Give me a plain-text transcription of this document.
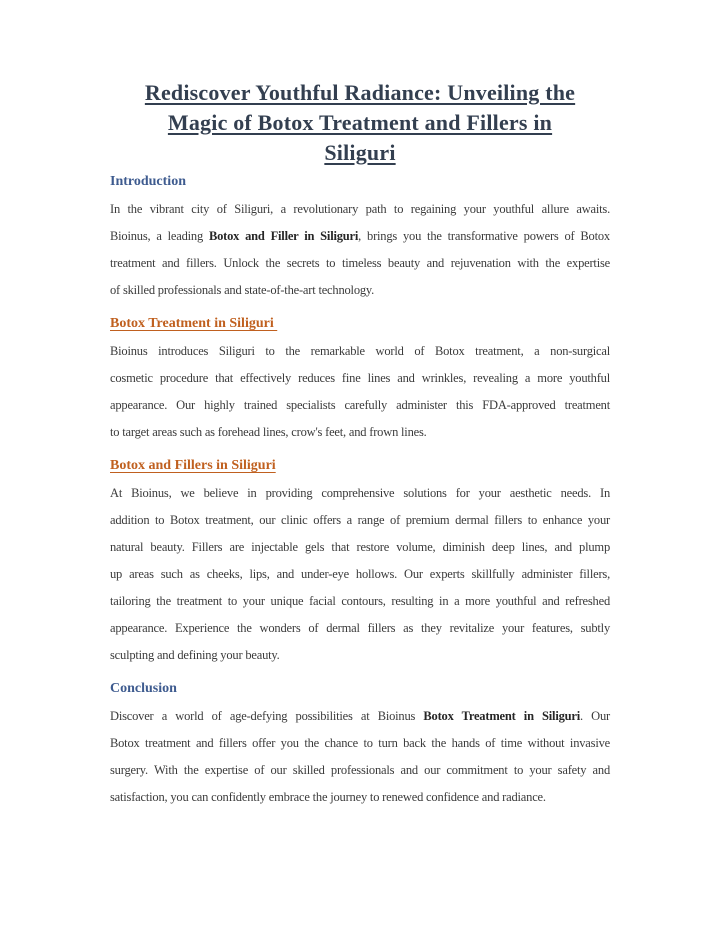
Rediscover Youthful Radiance: Unveiling the
Magic of Botox Treatment and Fillers in
Siliguri
Introduction
In the vibrant city of Siliguri, a revolutionary path to regaining your youthful allure awaits.
Bioinus, a leading Botox and Filler in Siliguri, brings you the transformative powers of Botox
treatment and fillers. Unlock the secrets to timeless beauty and rejuvenation with the expertise
of skilled professionals and state-of-the-art technology.
Botox Treatment in Siliguri
Bioinus introduces Siliguri to the remarkable world of Botox treatment, a non-surgical
cosmetic procedure that effectively reduces fine lines and wrinkles, revealing a more youthful
appearance. Our highly trained specialists carefully administer this FDA-approved treatment
to target areas such as forehead lines, crow's feet, and frown lines.
Botox and Fillers in Siliguri
At Bioinus, we believe in providing comprehensive solutions for your aesthetic needs. In
addition to Botox treatment, our clinic offers a range of premium dermal fillers to enhance your
natural beauty. Fillers are injectable gels that restore volume, diminish deep lines, and plump
up areas such as cheeks, lips, and under-eye hollows. Our experts skillfully administer fillers,
tailoring the treatment to your unique facial contours, resulting in a more youthful and refreshed
appearance. Experience the wonders of dermal fillers as they revitalize your features, subtly
sculpting and defining your beauty.
Conclusion
Discover a world of age-defying possibilities at Bioinus Botox Treatment in Siliguri. Our
Botox treatment and fillers offer you the chance to turn back the hands of time without invasive
surgery. With the expertise of our skilled professionals and our commitment to your safety and
satisfaction, you can confidently embrace the journey to renewed confidence and radiance.
